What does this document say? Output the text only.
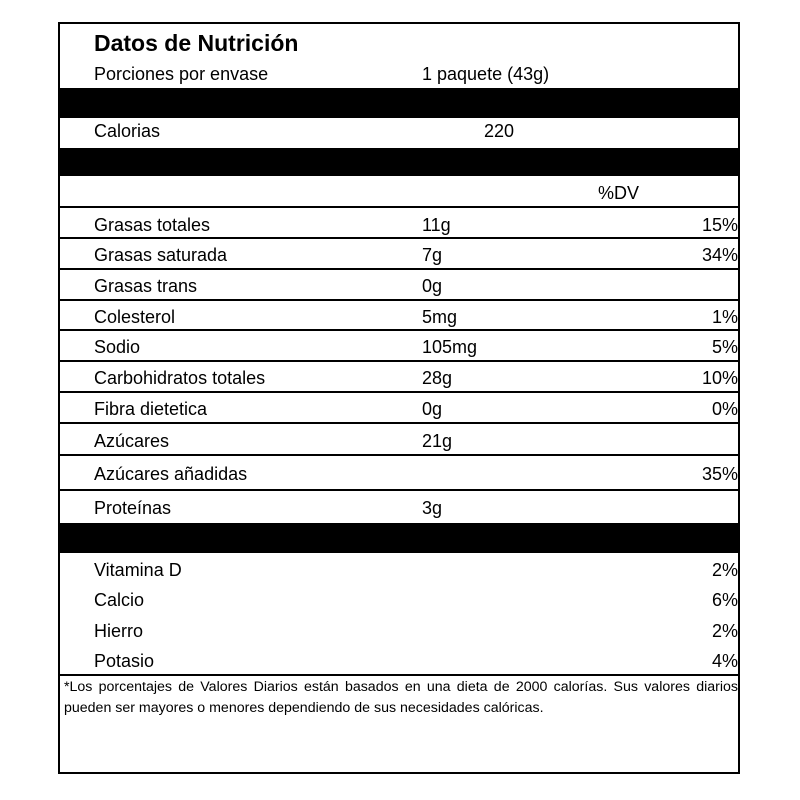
Datos de Nutrición
Porciones por envase	1 paquete (43g)
Calorias	220
%DV
Grasas totales	11g	15%
Grasas saturada	7g	34%
Grasas trans	0g
Colesterol	5mg	1%
Sodio	105mg	5%
Carbohidratos totales	28g	10%
Fibra dietetica	0g	0%
Azúcares	21g
Azúcares añadidas	35%
Proteínas	3g
Vitamina D	2%
Calcio	6%
Hierro	2%
Potasio	4%
*Los porcentajes de Valores Diarios están basados en una dieta de 2000 calorías. Sus valores diarios pueden ser mayores o menores dependiendo de sus necesidades calóricas.
